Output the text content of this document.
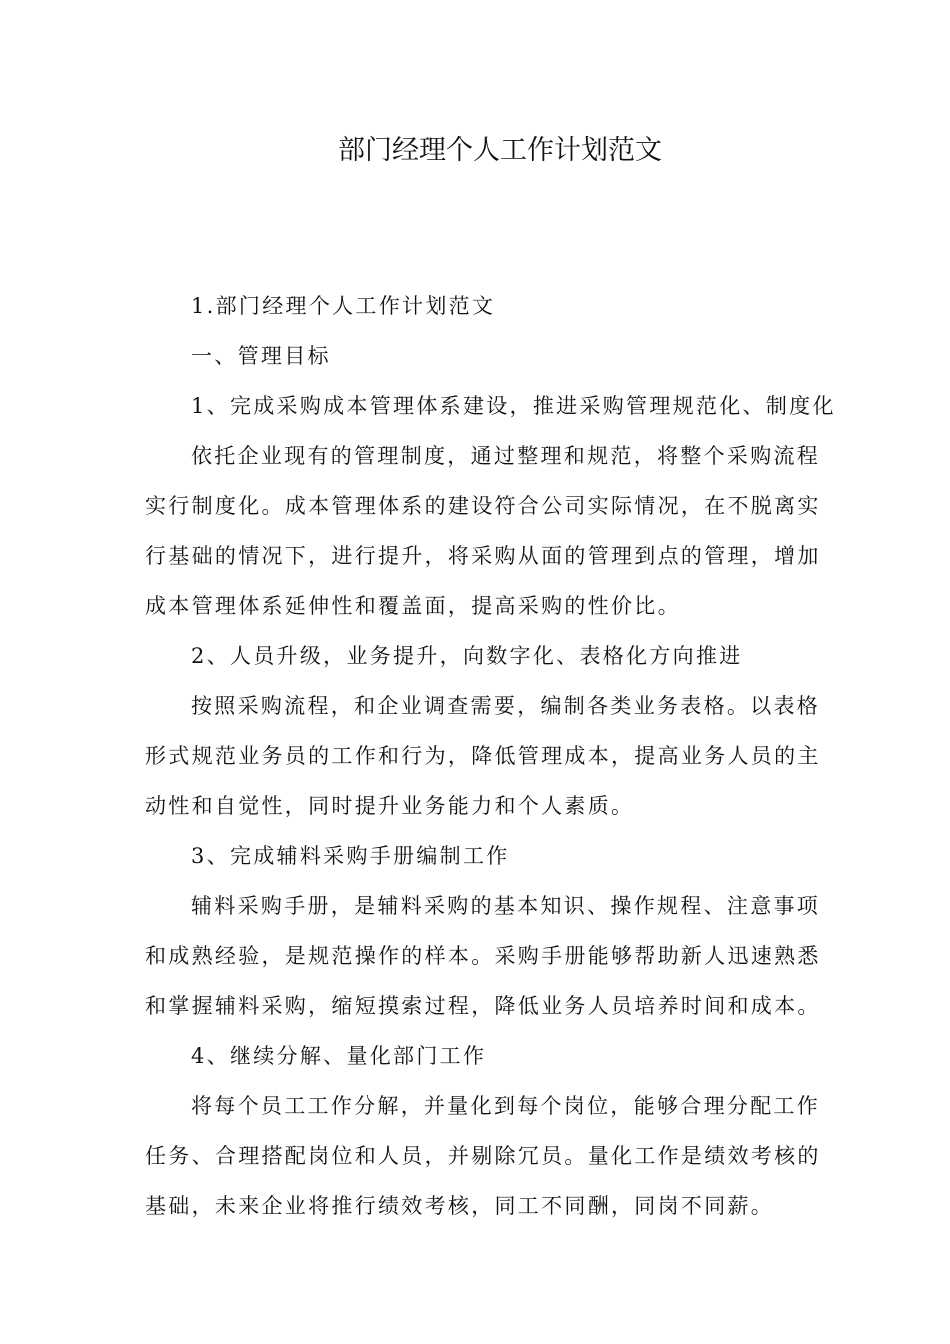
部门经理个人工作计划范文
1.部门经理个人工作计划范文
一、管理目标
1、完成采购成本管理体系建设，推进采购管理规范化、制度化
依托企业现有的管理制度，通过整理和规范，将整个采购流程
实行制度化。成本管理体系的建设符合公司实际情况，在不脱离实
行基础的情况下，进行提升，将采购从面的管理到点的管理，增加
成本管理体系延伸性和覆盖面，提高采购的性价比。
2、人员升级，业务提升，向数字化、表格化方向推进
按照采购流程，和企业调查需要，编制各类业务表格。以表格
形式规范业务员的工作和行为，降低管理成本，提高业务人员的主
动性和自觉性，同时提升业务能力和个人素质。
3、完成辅料采购手册编制工作
辅料采购手册，是辅料采购的基本知识、操作规程、注意事项
和成熟经验，是规范操作的样本。采购手册能够帮助新人迅速熟悉
和掌握辅料采购，缩短摸索过程，降低业务人员培养时间和成本。
4、继续分解、量化部门工作
将每个员工工作分解，并量化到每个岗位，能够合理分配工作
任务、合理搭配岗位和人员，并剔除冗员。量化工作是绩效考核的
基础，未来企业将推行绩效考核，同工不同酬，同岗不同薪。
